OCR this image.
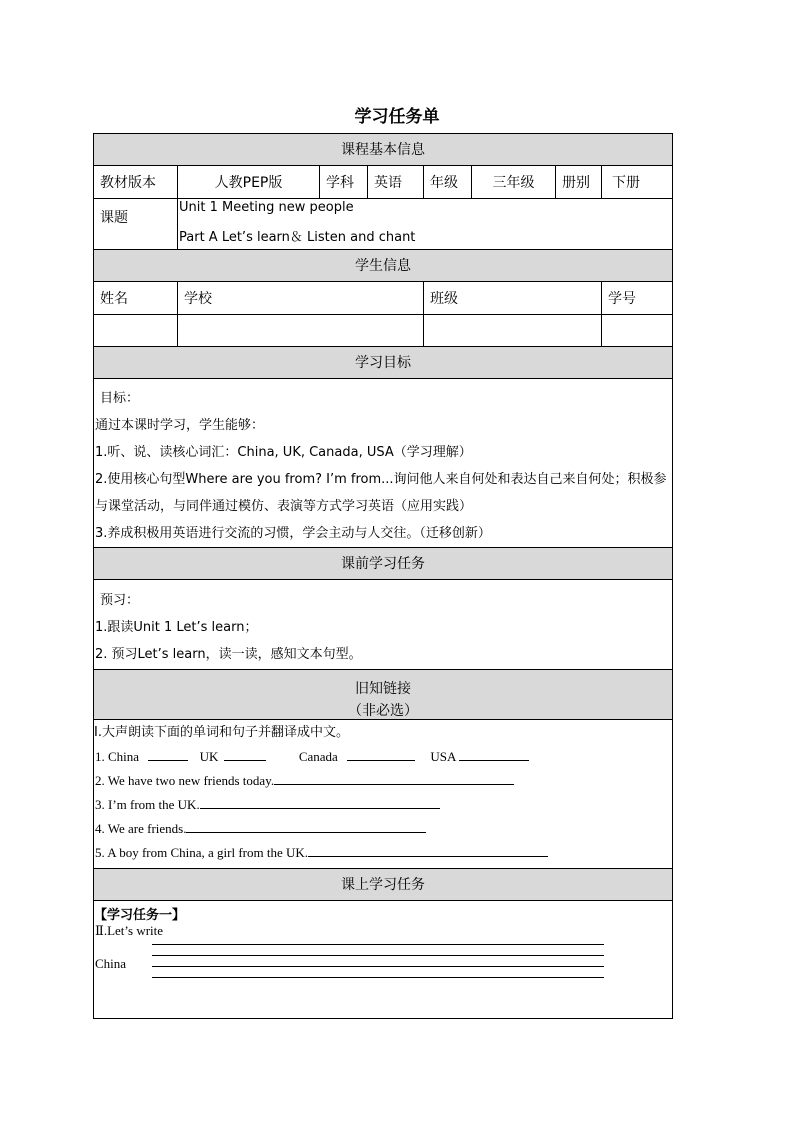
学习任务单
课程基本信息
教材版本	人教PEP版	学科	英语	年级	三年级	册别	下册
课题
Unit 1 Meeting new people
Part A Let’s learn＆ Listen and chant
学生信息
姓名	学校	班级	学号
学习目标
目标：
通过本课时学习，学生能够：
1.听、说、读核心词汇：China, UK, Canada, USA（学习理解）
2.使用核心句型Where are you from? I’m from...询问他人来自何处和表达自己来自何处；积极参
与课堂活动，与同伴通过模仿、表演等方式学习英语（应用实践）
3.养成积极用英语进行交流的习惯，学会主动与人交往。（迁移创新）
课前学习任务
预习：
1.跟读Unit 1 Let’s learn；
2. 预习Let’s learn，读一读，感知文本句型。
旧知链接
（非必选）
I.大声朗读下面的单词和句子并翻译成中文。
1. China	UK	Canada	USA
2. We have two new friends today.
3. I’m from the UK.
4. We are friends.
5. A boy from China, a girl from the UK.
课上学习任务
【学习任务一】
Ⅱ.Let’s write
China
